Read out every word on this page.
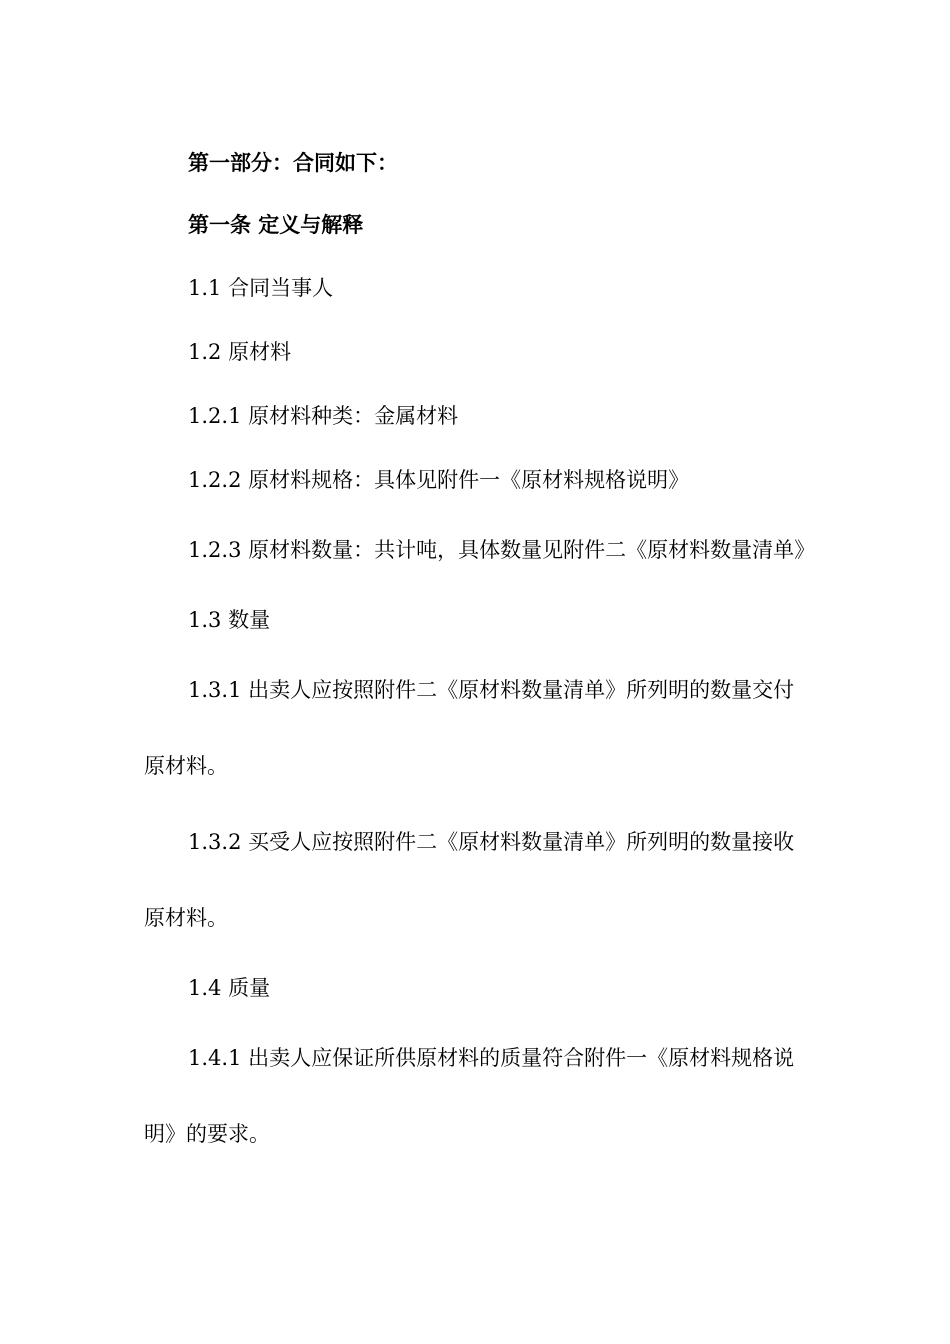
第一部分：合同如下：

第一条 定义与解释

1.1 合同当事人

1.2 原材料

1.2.1 原材料种类：金属材料

1.2.2 原材料规格：具体见附件一《原材料规格说明》

1.2.3 原材料数量：共计吨，具体数量见附件二《原材料数量清单》

1.3 数量

1.3.1 出卖人应按照附件二《原材料数量清单》所列明的数量交付原材料。

1.3.2 买受人应按照附件二《原材料数量清单》所列明的数量接收原材料。

1.4 质量

1.4.1 出卖人应保证所供原材料的质量符合附件一《原材料规格说明》的要求。
